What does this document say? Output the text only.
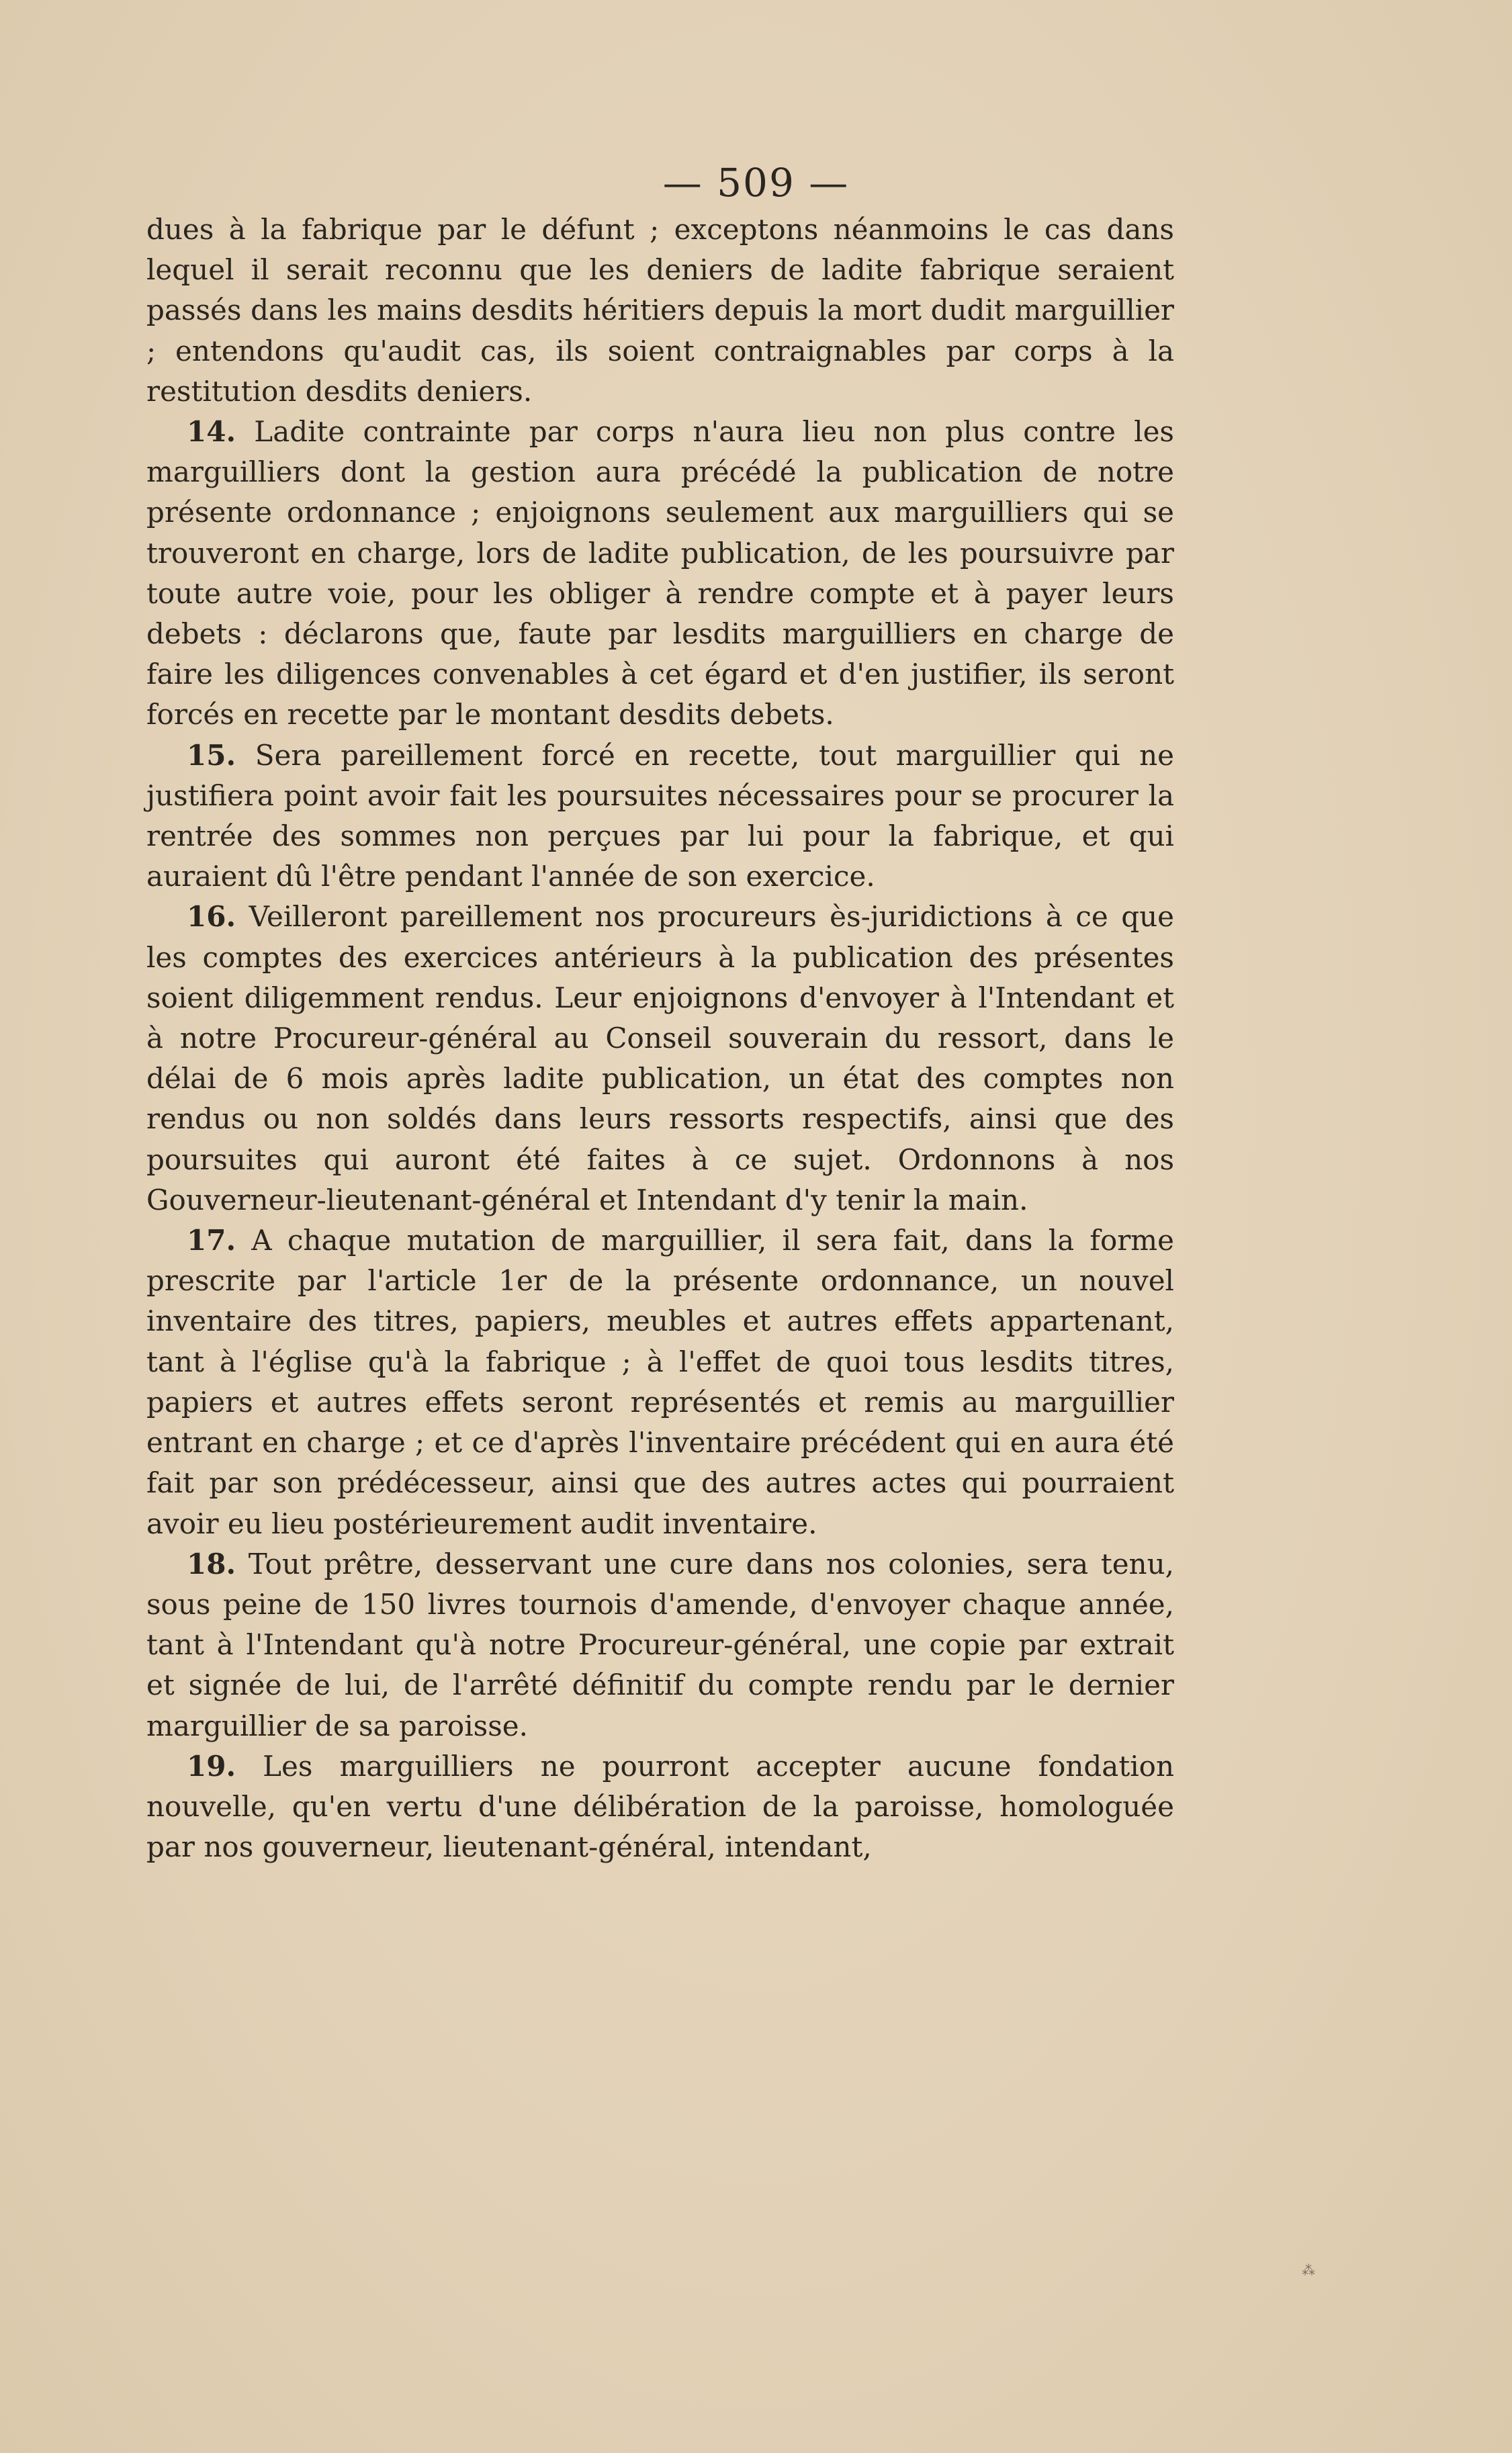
— 509 —

dues à la fabrique par le défunt ; exceptons néanmoins le cas dans lequel il serait reconnu que les deniers de ladite fabrique seraient passés dans les mains desdits héritiers depuis la mort dudit marguillier ; entendons qu'audit cas, ils soient contraignables par corps à la restitution desdits deniers.

14. Ladite contrainte par corps n'aura lieu non plus contre les marguilliers dont la gestion aura précédé la publication de notre présente ordonnance ; enjoignons seulement aux marguilliers qui se trouveront en charge, lors de ladite publication, de les poursuivre par toute autre voie, pour les obliger à rendre compte et à payer leurs debets : déclarons que, faute par lesdits marguilliers en charge de faire les diligences convenables à cet égard et d'en justifier, ils seront forcés en recette par le montant desdits debets.

15. Sera pareillement forcé en recette, tout marguillier qui ne justifiera point avoir fait les poursuites nécessaires pour se procurer la rentrée des sommes non perçues par lui pour la fabrique, et qui auraient dû l'être pendant l'année de son exercice.

16. Veilleront pareillement nos procureurs ès-juridictions à ce que les comptes des exercices antérieurs à la publication des présentes soient diligemment rendus. Leur enjoignons d'envoyer à l'Intendant et à notre Procureur-général au Conseil souverain du ressort, dans le délai de 6 mois après ladite publication, un état des comptes non rendus ou non soldés dans leurs ressorts respectifs, ainsi que des poursuites qui auront été faites à ce sujet. Ordonnons à nos Gouverneur-lieutenant-général et Intendant d'y tenir la main.

17. A chaque mutation de marguillier, il sera fait, dans la forme prescrite par l'article 1er de la présente ordonnance, un nouvel inventaire des titres, papiers, meubles et autres effets appartenant, tant à l'église qu'à la fabrique ; à l'effet de quoi tous lesdits titres, papiers et autres effets seront représentés et remis au marguillier entrant en charge ; et ce d'après l'inventaire précédent qui en aura été fait par son prédécesseur, ainsi que des autres actes qui pourraient avoir eu lieu postérieurement audit inventaire.

18. Tout prêtre, desservant une cure dans nos colonies, sera tenu, sous peine de 150 livres tournois d'amende, d'envoyer chaque année, tant à l'Intendant qu'à notre Procureur-général, une copie par extrait et signée de lui, de l'arrêté définitif du compte rendu par le dernier marguillier de sa paroisse.

19. Les marguilliers ne pourront accepter aucune fondation nouvelle, qu'en vertu d'une délibération de la paroisse, homologuée par nos gouverneur, lieutenant-général, intendant,

⁂
